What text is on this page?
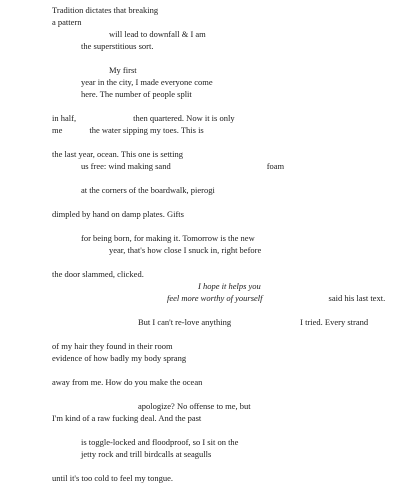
Tradition dictates that breaking
a pattern
will lead to downfall & I am
the superstitious sort.
My first
year in the city, I made everyone come
here. The number of people split
in half,	then quartered. Now it is only
me	the water sipping my toes. This is
the last year, ocean. This one is setting
us free: wind making sand	foam
at the corners of the boardwalk, pierogi
dimpled by hand on damp plates. Gifts
for being born, for making it. Tomorrow is the new
year, that's how close I snuck in, right before
the door slammed, clicked.
I hope it helps you
feel more worthy of yourself	said his last text.
But I can't re-love anything	I tried. Every strand
of my hair they found in their room
evidence of how badly my body sprang
away from me. How do you make the ocean
apologize? No offense to me, but
I'm kind of a raw fucking deal. And the past
is toggle-locked and floodproof, so I sit on the
jetty rock and trill birdcalls at seagulls
until it's too cold to feel my tongue.
